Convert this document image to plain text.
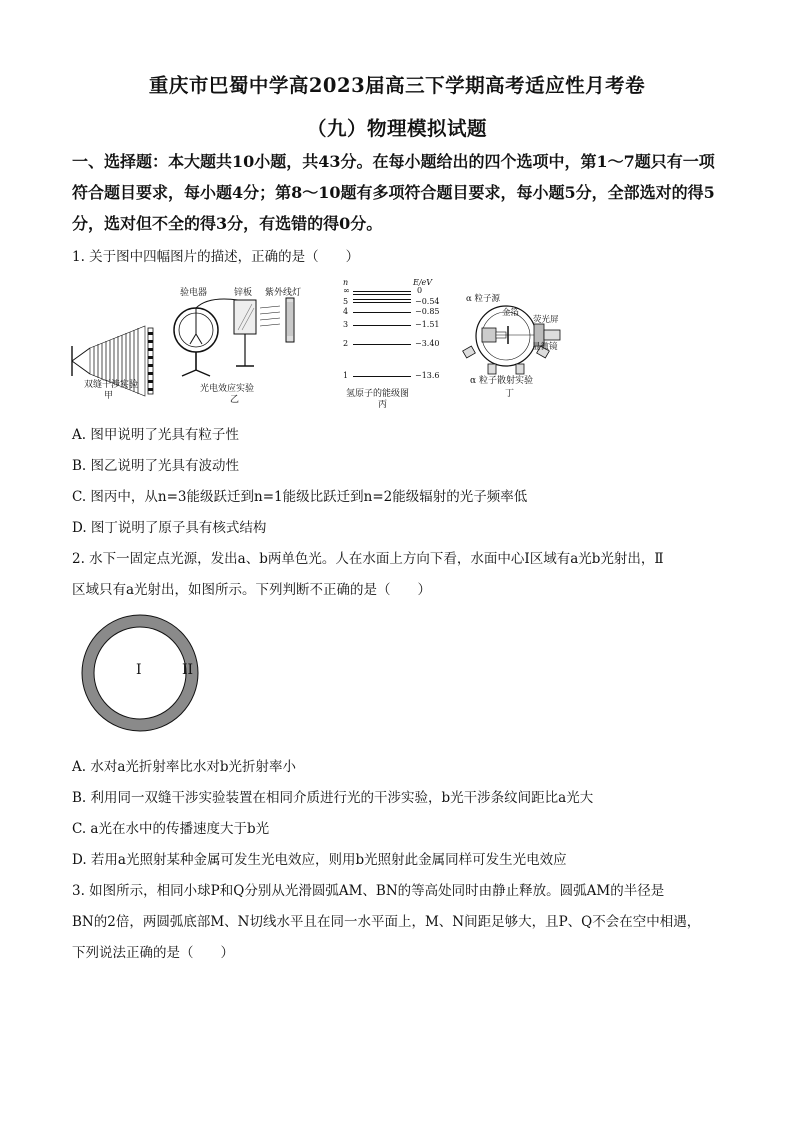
重庆市巴蜀中学高2023届高三下学期高考适应性月考卷
（九）物理模拟试题
一、选择题：本大题共10小题，共43分。在每小题给出的四个选项中，第1～7题只有一项
符合题目要求，每小题4分；第8～10题有多项符合题目要求，每小题5分，全部选对的得5
分，选对但不全的得3分，有选错的得0分。
1. 关于图中四幅图片的描述，正确的是（　　）
双缝干涉实验
甲
验电器	锌板 紫外线灯
光电效应实验
乙
n	E/eV
∞	0
5	−0.54
4	−0.85
3	−1.51
2	−3.40
1	−13.6
氢原子的能级图
丙
α 粒子源
金箔
荧光屏
显微镜
α 粒子散射实验
丁
A. 图甲说明了光具有粒子性
B. 图乙说明了光具有波动性
C. 图丙中，从n=3能级跃迁到n=1能级比跃迁到n=2能级辐射的光子频率低
D. 图丁说明了原子具有核式结构
2. 水下一固定点光源，发出a、b两单色光。人在水面上方向下看，水面中心Ⅰ区域有a光b光射出，Ⅱ
区域只有a光射出，如图所示。下列判断不正确的是（　　）
I	II
A. 水对a光折射率比水对b光折射率小
B. 利用同一双缝干涉实验装置在相同介质进行光的干涉实验，b光干涉条纹间距比a光大
C. a光在水中的传播速度大于b光
D. 若用a光照射某种金属可发生光电效应，则用b光照射此金属同样可发生光电效应
3. 如图所示，相同小球P和Q分别从光滑圆弧AM、BN的等高处同时由静止释放。圆弧AM的半径是
BN的2倍，两圆弧底部M、N切线水平且在同一水平面上，M、N间距足够大，且P、Q不会在空中相遇，
下列说法正确的是（　　）
